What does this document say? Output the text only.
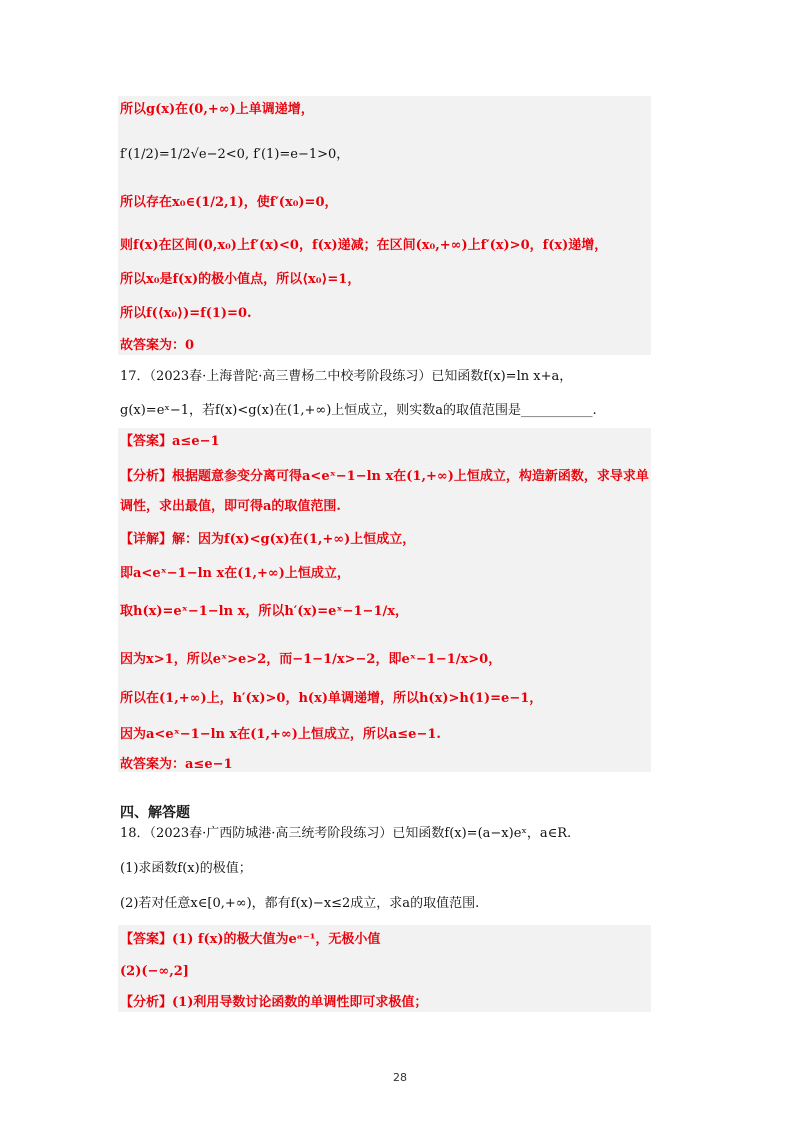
所以g(x)在(0,+∞)上单调递增，
f′(1/2)=1/2√e−2<0, f′(1)=e−1>0，
所以存在x₀∈(1/2,1)，使f′(x₀)=0，
则f(x)在区间(0,x₀)上f′(x)<0，f(x)递减；在区间(x₀,+∞)上f′(x)>0，f(x)递增，
所以x₀是f(x)的极小值点，所以⟨x₀⟩=1，
所以f(⟨x₀⟩)=f(1)=0.
故答案为：0
17．（2023春·上海普陀·高三曹杨二中校考阶段练习）已知函数f(x)=ln x+a，
g(x)=eˣ−1，若f(x)<g(x)在(1,+∞)上恒成立，则实数a的取值范围是___________.
【答案】a≤e−1
【分析】根据题意参变分离可得a<eˣ−1−ln x在(1,+∞)上恒成立，构造新函数，求导求单
调性，求出最值，即可得a的取值范围.
【详解】解：因为f(x)<g(x)在(1,+∞)上恒成立，
即a<eˣ−1−ln x在(1,+∞)上恒成立，
取h(x)=eˣ−1−ln x，所以h′(x)=eˣ−1−1/x，
因为x>1，所以eˣ>e>2，而−1−1/x>−2，即eˣ−1−1/x>0，
所以在(1,+∞)上，h′(x)>0，h(x)单调递增，所以h(x)>h(1)=e−1，
因为a<eˣ−1−ln x在(1,+∞)上恒成立，所以a≤e−1.
故答案为：a≤e−1
四、解答题
18．（2023春·广西防城港·高三统考阶段练习）已知函数f(x)=(a−x)eˣ，a∈R.
(1)求函数f(x)的极值；
(2)若对任意x∈[0,+∞)，都有f(x)−x≤2成立，求a的取值范围.
【答案】(1) f(x)的极大值为eᵃ⁻¹，无极小值
(2)(−∞,2]
【分析】(1)利用导数讨论函数的单调性即可求极值；
28
